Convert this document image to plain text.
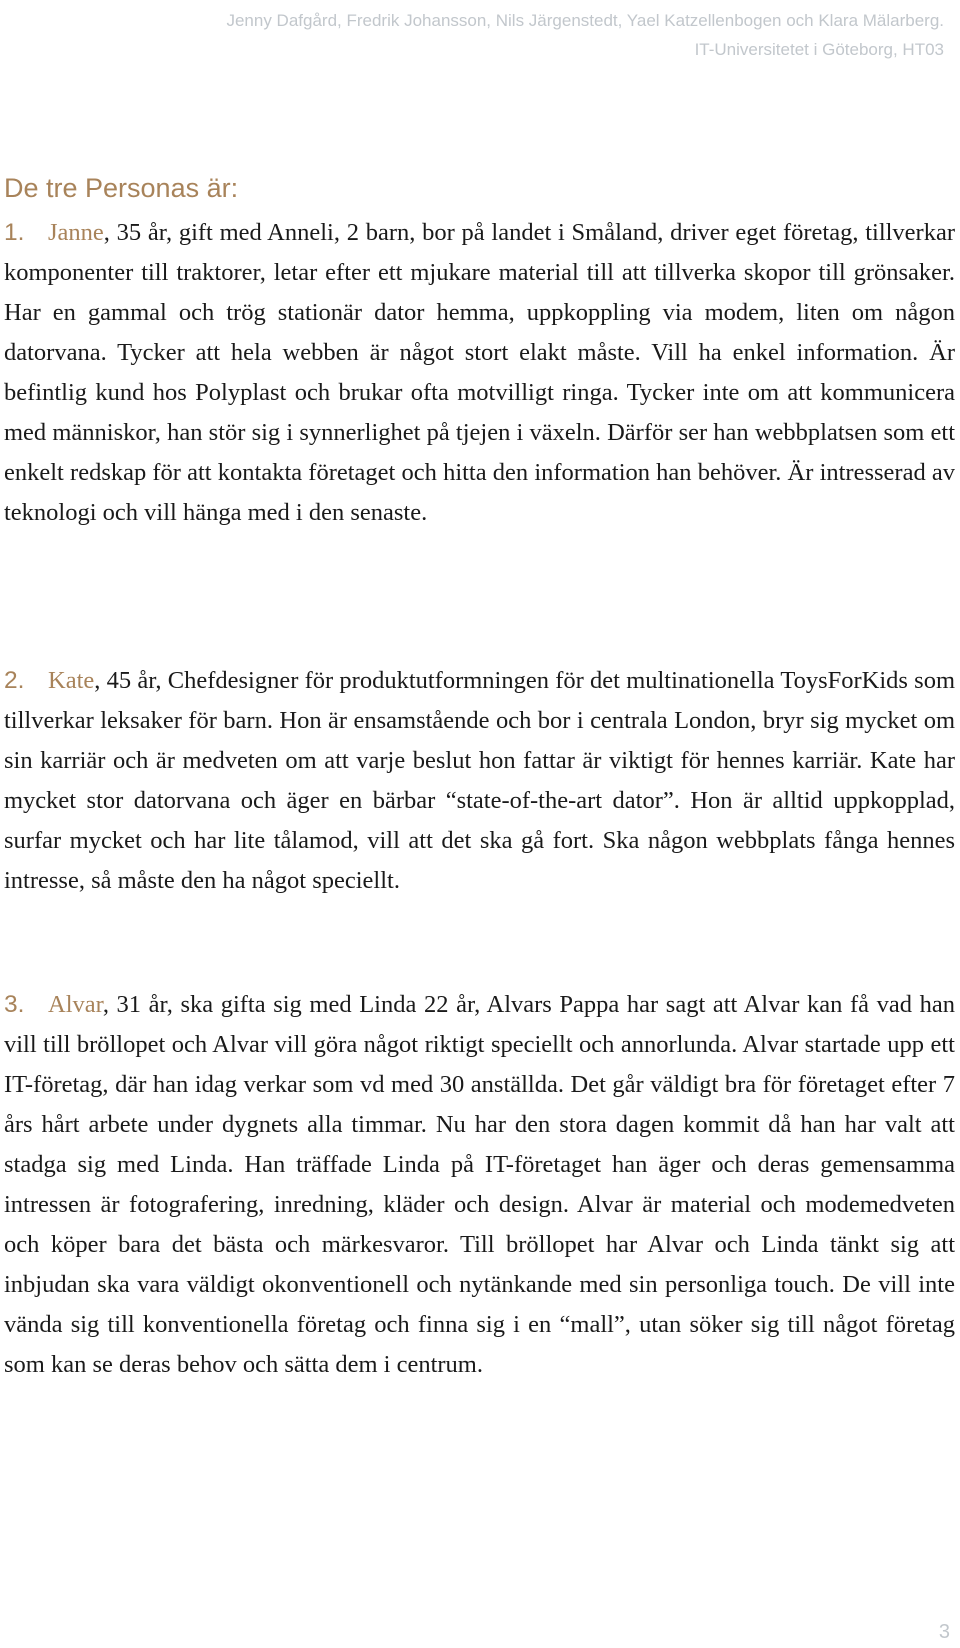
Jenny Dafgård, Fredrik Johansson, Nils Järgenstedt, Yael Katzellenbogen och Klara Mälarberg.
IT-Universitetet i Göteborg, HT03
De tre Personas är:

1. Janne, 35 år, gift med Anneli, 2 barn, bor på landet i Småland, driver eget företag, tillverkar komponenter till traktorer, letar efter ett mjukare material till att tillverka skopor till grönsaker. Har en gammal och trög stationär dator hemma, uppkoppling via modem, liten om någon datorvana. Tycker att hela webben är något stort elakt måste. Vill ha enkel information. Är befintlig kund hos Polyplast och brukar ofta motvilligt ringa. Tycker inte om att kommunicera med människor, han stör sig i synnerlighet på tjejen i växeln. Därför ser han webbplatsen som ett enkelt redskap för att kontakta företaget och hitta den information han behöver. Är intresserad av teknologi och vill hänga med i den senaste.

2. Kate, 45 år, Chefdesigner för produktutformningen för det multinationella ToysForKids som tillverkar leksaker för barn. Hon är ensamstående och bor i centrala London, bryr sig mycket om sin karriär och är medveten om att varje beslut hon fattar är viktigt för hennes karriär. Kate har mycket stor datorvana och äger en bärbar “state-of-the-art dator”. Hon är alltid uppkopplad, surfar mycket och har lite tålamod, vill att det ska gå fort. Ska någon webbplats fånga hennes intresse, så måste den ha något speciellt.

3. Alvar, 31 år, ska gifta sig med Linda 22 år, Alvars Pappa har sagt att Alvar kan få vad han vill till bröllopet och Alvar vill göra något riktigt speciellt och annorlunda. Alvar startade upp ett IT-företag, där han idag verkar som vd med 30 anställda. Det går väldigt bra för företaget efter 7 års hårt arbete under dygnets alla timmar. Nu har den stora dagen kommit då han har valt att stadga sig med Linda. Han träffade Linda på IT-företaget han äger och deras gemensamma intressen är fotografering, inredning, kläder och design. Alvar är material och modemedveten och köper bara det bästa och märkesvaror. Till bröllopet har Alvar och Linda tänkt sig att inbjudan ska vara väldigt okonventionell och nytänkande med sin personliga touch. De vill inte vända sig till konventionella företag och finna sig i en “mall”, utan söker sig till något företag som kan se deras behov och sätta dem i centrum.

3
